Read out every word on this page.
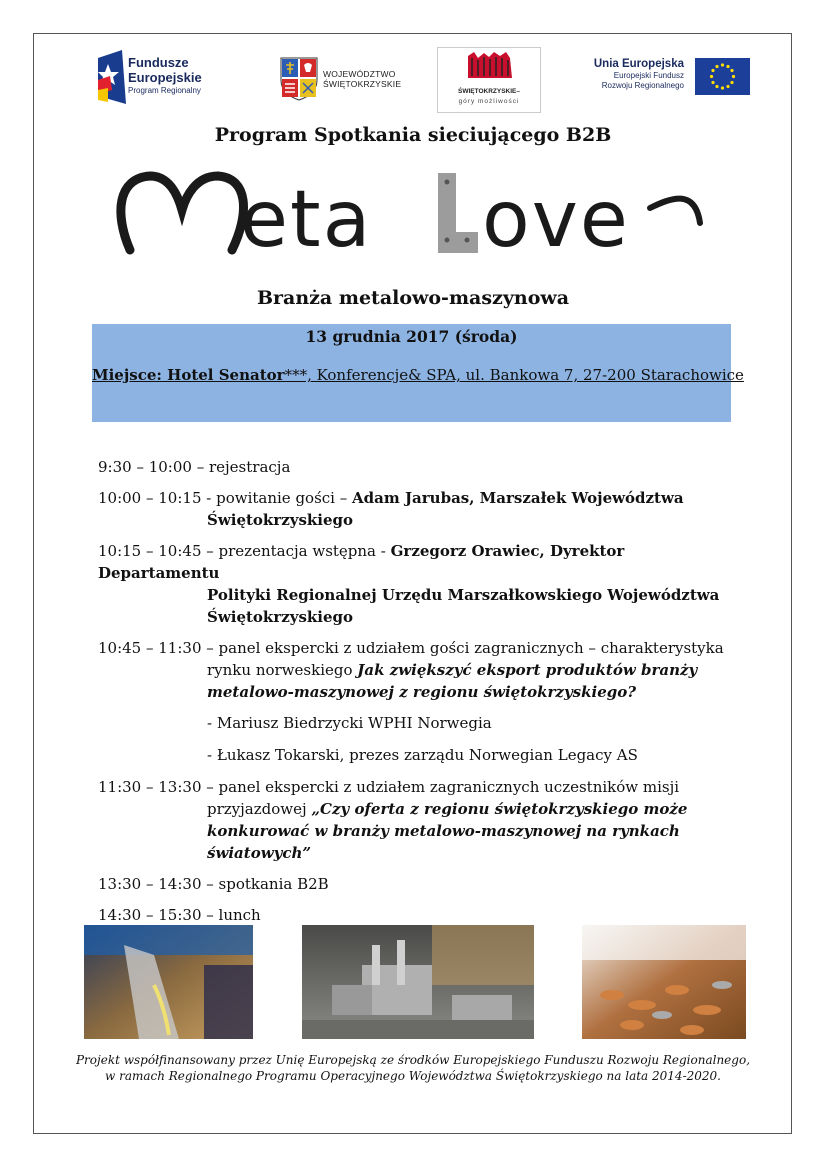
Fundusze
Europejskie
Program Regionalny
WOJEWÓDZTWO
ŚWIĘTOKRZYSKIE
ŚWIĘTOKRZYSKIE–
góry możliwości
Unia Europejska
Europejski Fundusz
Rozwoju Regionalnego
Program Spotkania sieciującego B2B
eta ove
Branża metalowo-maszynowa
13 grudnia 2017 (środa)
Miejsce: Hotel Senator***, Konferencje& SPA, ul. Bankowa 7, 27-200 Starachowice
9:30 – 10:00 – rejestracja
10:00 – 10:15 - powitanie gości – Adam Jarubas, Marszałek Województwa
Świętokrzyskiego
10:15 – 10:45 – prezentacja wstępna - Grzegorz Orawiec, Dyrektor Departamentu
Polityki Regionalnej Urzędu Marszałkowskiego Województwa
Świętokrzyskiego
10:45 – 11:30 – panel ekspercki z udziałem gości zagranicznych – charakterystyka
rynku norweskiego Jak zwiększyć eksport produktów branży
metalowo-maszynowej z regionu świętokrzyskiego?
- Mariusz Biedrzycki WPHI Norwegia
- Łukasz Tokarski, prezes zarządu Norwegian Legacy AS
11:30 – 13:30 – panel ekspercki z udziałem zagranicznych uczestników misji
przyjazdowej „Czy oferta z regionu świętokrzyskiego może
konkurować w branży metalowo-maszynowej na rynkach
światowych”
13:30 – 14:30 – spotkania B2B
14:30 – 15:30 – lunch
Projekt współfinansowany przez Unię Europejską ze środków Europejskiego Funduszu Rozwoju Regionalnego,
w ramach Regionalnego Programu Operacyjnego Województwa Świętokrzyskiego na lata 2014-2020.
